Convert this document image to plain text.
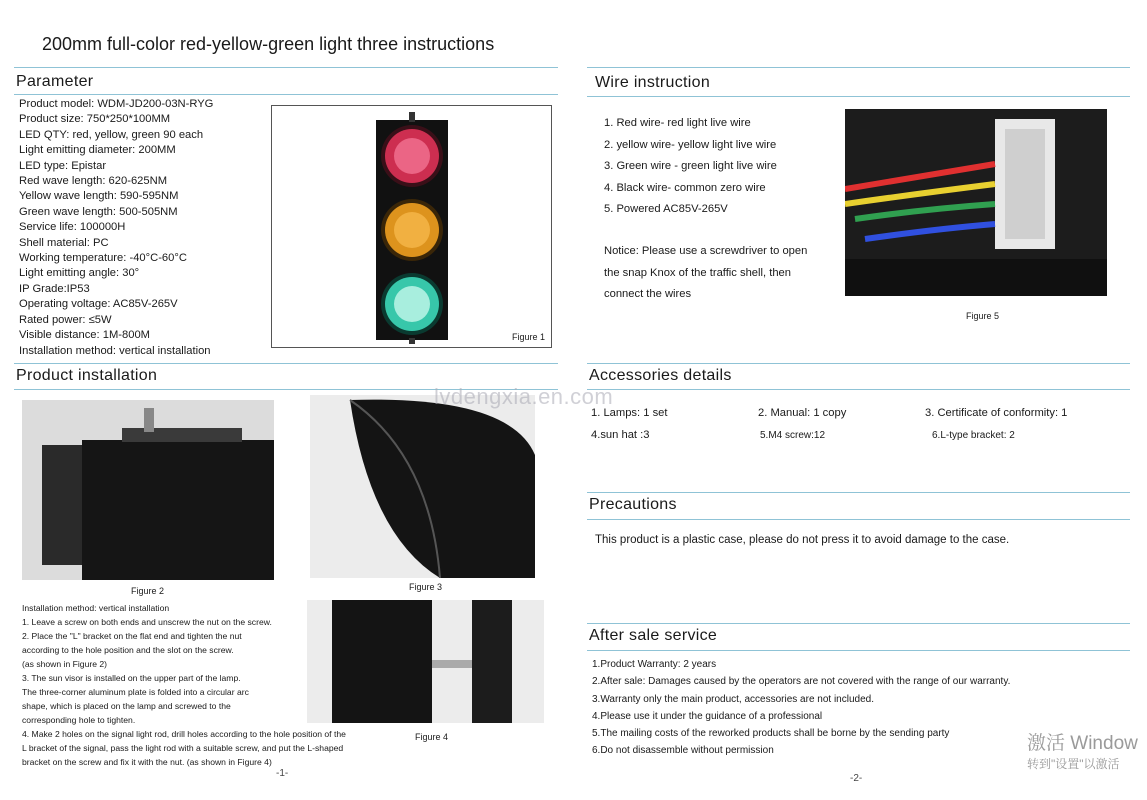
200mm full-color red-yellow-green light three instructions
Parameter
Product model: WDM-JD200-03N-RYG
Product size: 750*250*100MM
LED QTY: red, yellow, green 90 each
Light emitting diameter: 200MM
LED type: Epistar
Red wave length: 620-625NM
Yellow wave length: 590-595NM
Green wave length: 500-505NM
Service life: 100000H
Shell material: PC
Working temperature: -40°C-60°C
Light emitting angle: 30°
IP Grade:IP53
Operating voltage: AC85V-265V
Rated power: ≤5W
Visible distance: 1M-800M
Installation method: vertical installation
Figure 1
Wire instruction
1. Red wire- red light live wire
2. yellow wire- yellow light live wire
3. Green wire - green light live wire
4. Black wire- common zero wire
5. Powered AC85V-265V
Notice: Please use a screwdriver to open
the snap Knox of the traffic shell, then
connect the wires
Figure 5
Product installation
Figure 2	Figure 3
Figure 4
Installation method: vertical installation
1. Leave a screw on both ends and unscrew the nut on the screw.
2. Place the "L" bracket on the flat end and tighten the nut
according to the hole position and the slot on the screw.
(as shown in Figure 2)
3. The sun visor is installed on the upper part of the lamp.
The three-corner aluminum plate is folded into a circular arc
shape, which is placed on the lamp and screwed to the
corresponding hole to tighten.
4. Make 2 holes on the signal light rod, drill holes according to the hole position of the
L bracket of the signal, pass the light rod with a suitable screw, and put the L-shaped
bracket on the screw and fix it with the nut. (as shown in Figure 4)
-1-
Accessories details
1. Lamps: 1 set	2. Manual: 1 copy	3. Certificate of conformity: 1
4.sun hat :3	5.M4 screw:12	6.L-type bracket: 2
Precautions
This product is a plastic case, please do not press it to avoid damage to the case.
After sale service
1.Product Warranty: 2 years
2.After sale: Damages caused by the operators are not covered with the range of our warranty.
3.Warranty only the main product, accessories are not included.
4.Please use it under the guidance of a professional
5.The mailing costs of the reworked products shall be borne by the sending party
6.Do not disassemble without permission
-2-
lvdengxia.en.com
激活 Window
转到"设置"以激活
